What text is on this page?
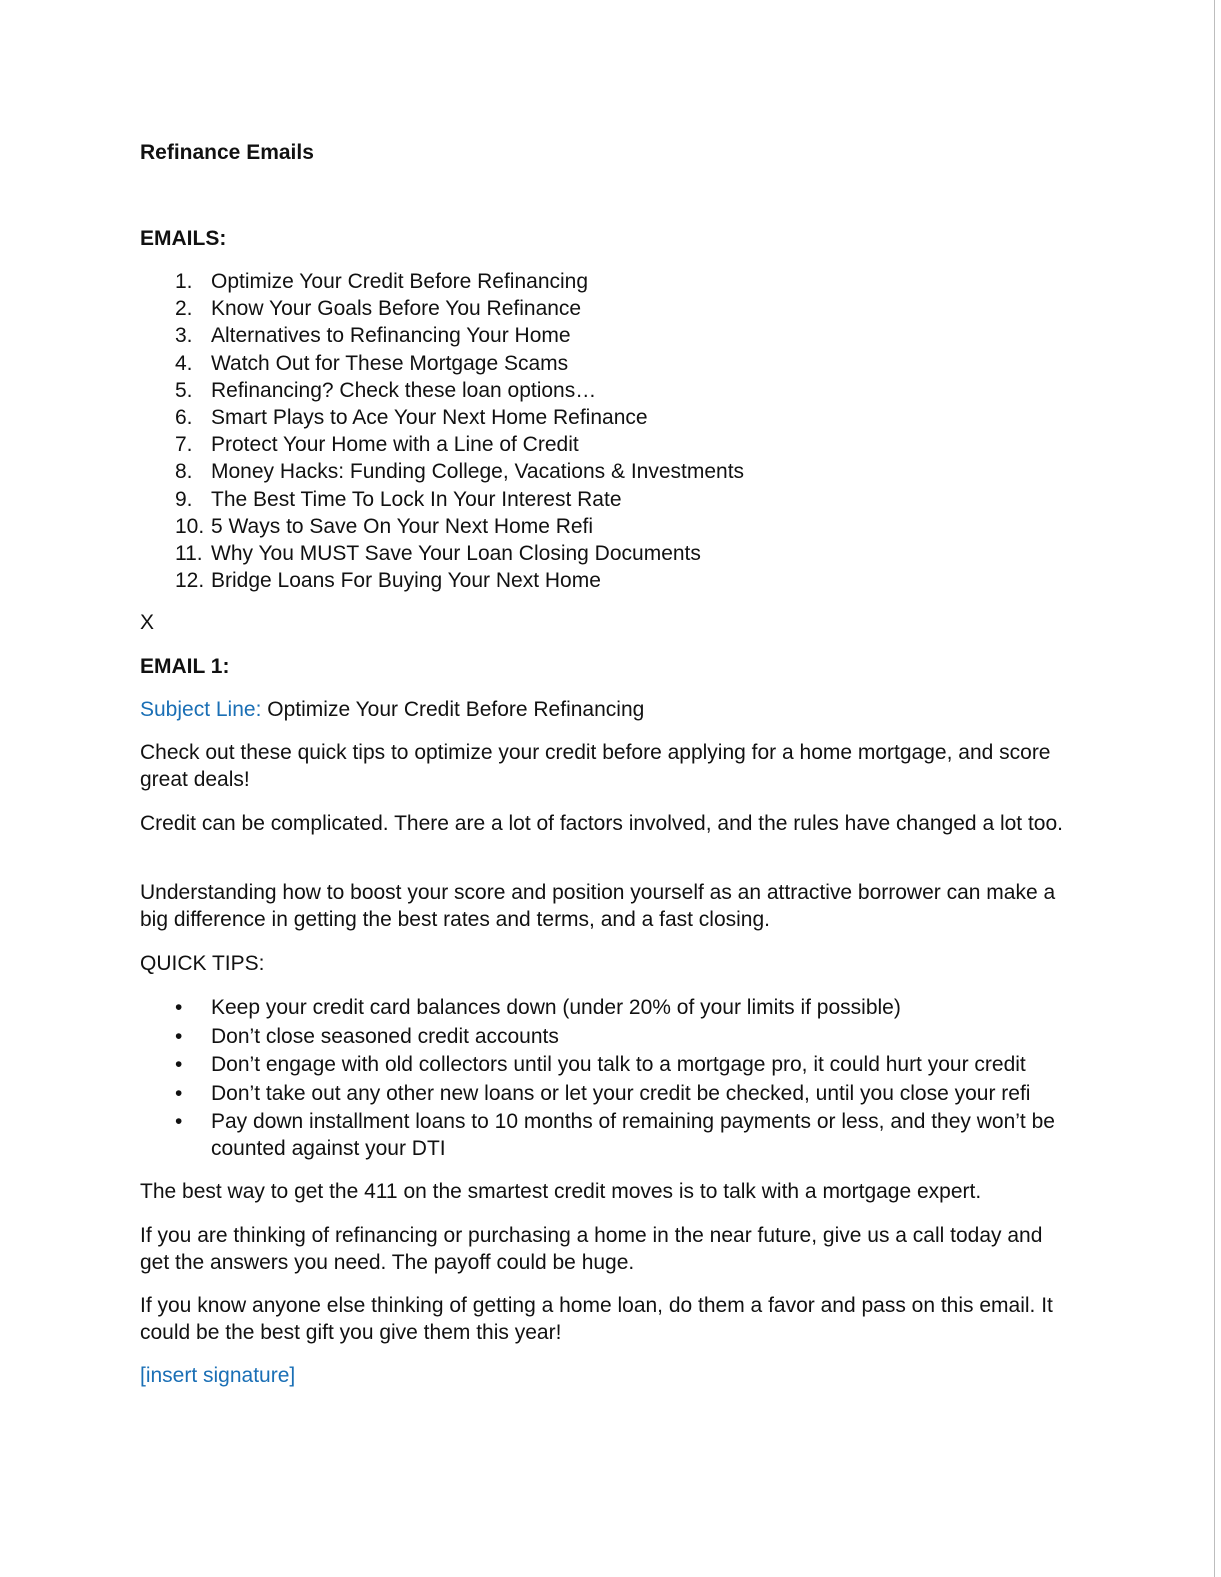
Refinance Emails
EMAILS:
1. Optimize Your Credit Before Refinancing
2. Know Your Goals Before You Refinance
3. Alternatives to Refinancing Your Home
4. Watch Out for These Mortgage Scams
5. Refinancing? Check these loan options…
6. Smart Plays to Ace Your Next Home Refinance
7. Protect Your Home with a Line of Credit
8. Money Hacks: Funding College, Vacations & Investments
9. The Best Time To Lock In Your Interest Rate
10. 5 Ways to Save On Your Next Home Refi
11. Why You MUST Save Your Loan Closing Documents
12. Bridge Loans For Buying Your Next Home

X

EMAIL 1:

Subject Line: Optimize Your Credit Before Refinancing

Check out these quick tips to optimize your credit before applying for a home mortgage, and score great deals!

Credit can be complicated. There are a lot of factors involved, and the rules have changed a lot too.

Understanding how to boost your score and position yourself as an attractive borrower can make a big difference in getting the best rates and terms, and a fast closing.

QUICK TIPS:

• Keep your credit card balances down (under 20% of your limits if possible)
• Don’t close seasoned credit accounts
• Don’t engage with old collectors until you talk to a mortgage pro, it could hurt your credit
• Don’t take out any other new loans or let your credit be checked, until you close your refi
• Pay down installment loans to 10 months of remaining payments or less, and they won’t be counted against your DTI

The best way to get the 411 on the smartest credit moves is to talk with a mortgage expert.

If you are thinking of refinancing or purchasing a home in the near future, give us a call today and get the answers you need. The payoff could be huge.

If you know anyone else thinking of getting a home loan, do them a favor and pass on this email. It could be the best gift you give them this year!

[insert signature]
